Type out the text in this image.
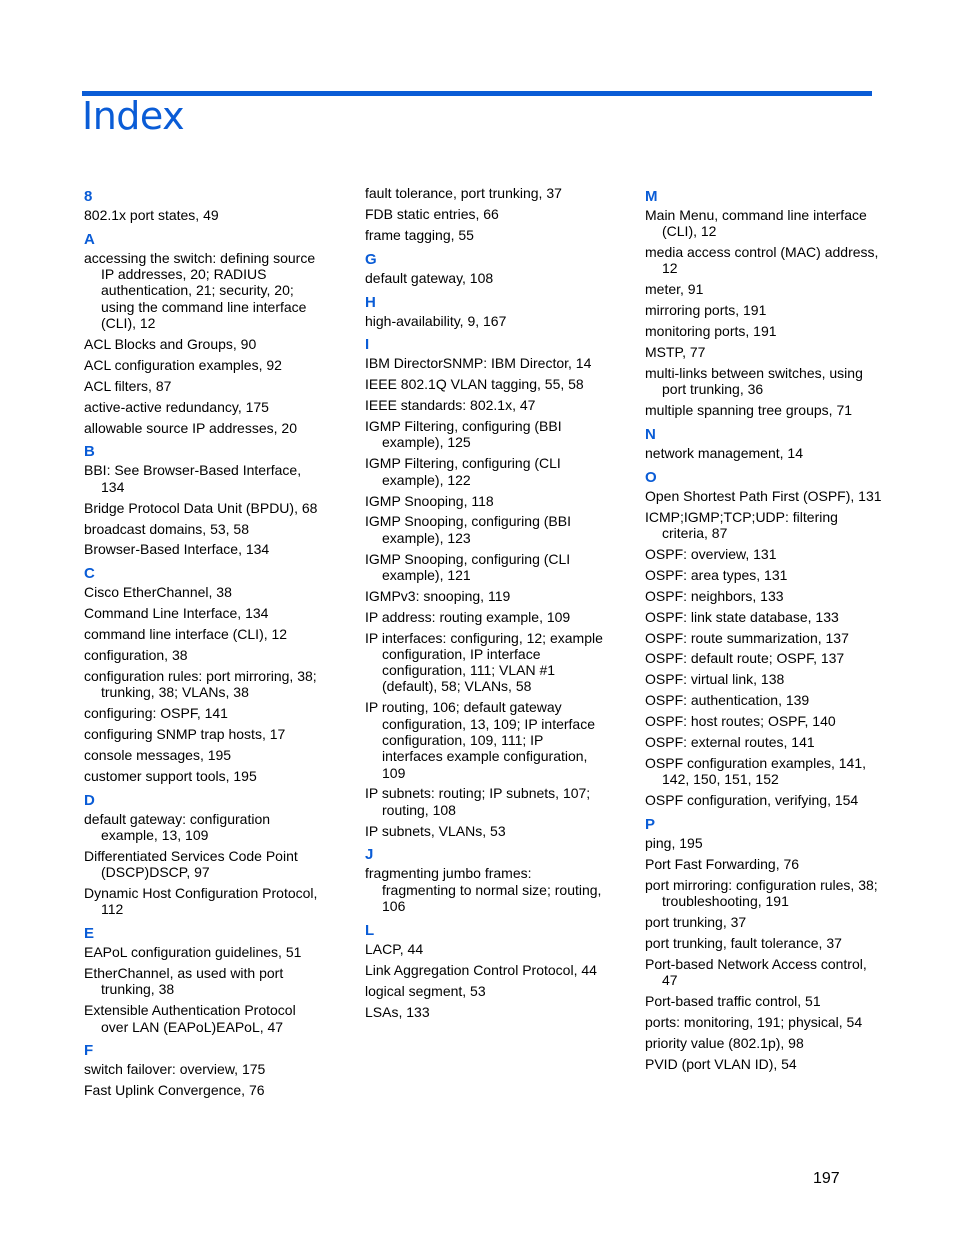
Index
8
802.1x port states, 49
A
accessing the switch: defining source IP addresses, 20; RADIUS authentication, 21; security, 20; using the command line interface (CLI), 12
ACL Blocks and Groups, 90
ACL configuration examples, 92
ACL filters, 87
active-active redundancy, 175
allowable source IP addresses, 20
B
BBI: See Browser-Based Interface, 134
Bridge Protocol Data Unit (BPDU), 68
broadcast domains, 53, 58
Browser-Based Interface, 134
C
Cisco EtherChannel, 38
Command Line Interface, 134
command line interface (CLI), 12
configuration, 38
configuration rules: port mirroring, 38; trunking, 38; VLANs, 38
configuring: OSPF, 141
configuring SNMP trap hosts, 17
console messages, 195
customer support tools, 195
D
default gateway: configuration example, 13, 109
Differentiated Services Code Point (DSCP)DSCP, 97
Dynamic Host Configuration Protocol, 112
E
EAPoL configuration guidelines, 51
EtherChannel, as used with port trunking, 38
Extensible Authentication Protocol over LAN (EAPoL)EAPoL, 47
F
switch failover: overview, 175
Fast Uplink Convergence, 76
fault tolerance, port trunking, 37
FDB static entries, 66
frame tagging, 55
G
default gateway, 108
H
high-availability, 9, 167
I
IBM DirectorSNMP: IBM Director, 14
IEEE 802.1Q VLAN tagging, 55, 58
IEEE standards: 802.1x, 47
IGMP Filtering, configuring (BBI example), 125
IGMP Filtering, configuring (CLI example), 122
IGMP Snooping, 118
IGMP Snooping, configuring (BBI example), 123
IGMP Snooping, configuring (CLI example), 121
IGMPv3: snooping, 119
IP address: routing example, 109
IP interfaces: configuring, 12; example configuration, IP interface configuration, 111; VLAN #1 (default), 58; VLANs, 58
IP routing, 106; default gateway configuration, 13, 109; IP interface configuration, 109, 111; IP interfaces example configuration, 109
IP subnets: routing; IP subnets, 107; routing, 108
IP subnets, VLANs, 53
J
fragmenting jumbo frames: fragmenting to normal size; routing, 106
L
LACP, 44
Link Aggregation Control Protocol, 44
logical segment, 53
LSAs, 133
M
Main Menu, command line interface (CLI), 12
media access control (MAC) address, 12
meter, 91
mirroring ports, 191
monitoring ports, 191
MSTP, 77
multi-links between switches, using port trunking, 36
multiple spanning tree groups, 71
N
network management, 14
O
Open Shortest Path First (OSPF), 131
ICMP;IGMP;TCP;UDP: filtering criteria, 87
OSPF: overview, 131
OSPF: area types, 131
OSPF: neighbors, 133
OSPF: link state database, 133
OSPF: route summarization, 137
OSPF: default route; OSPF, 137
OSPF: virtual link, 138
OSPF: authentication, 139
OSPF: host routes; OSPF, 140
OSPF: external routes, 141
OSPF configuration examples, 141, 142, 150, 151, 152
OSPF configuration, verifying, 154
P
ping, 195
Port Fast Forwarding, 76
port mirroring: configuration rules, 38; troubleshooting, 191
port trunking, 37
port trunking, fault tolerance, 37
Port-based Network Access control, 47
Port-based traffic control, 51
ports: monitoring, 191; physical, 54
priority value (802.1p), 98
PVID (port VLAN ID), 54
197
